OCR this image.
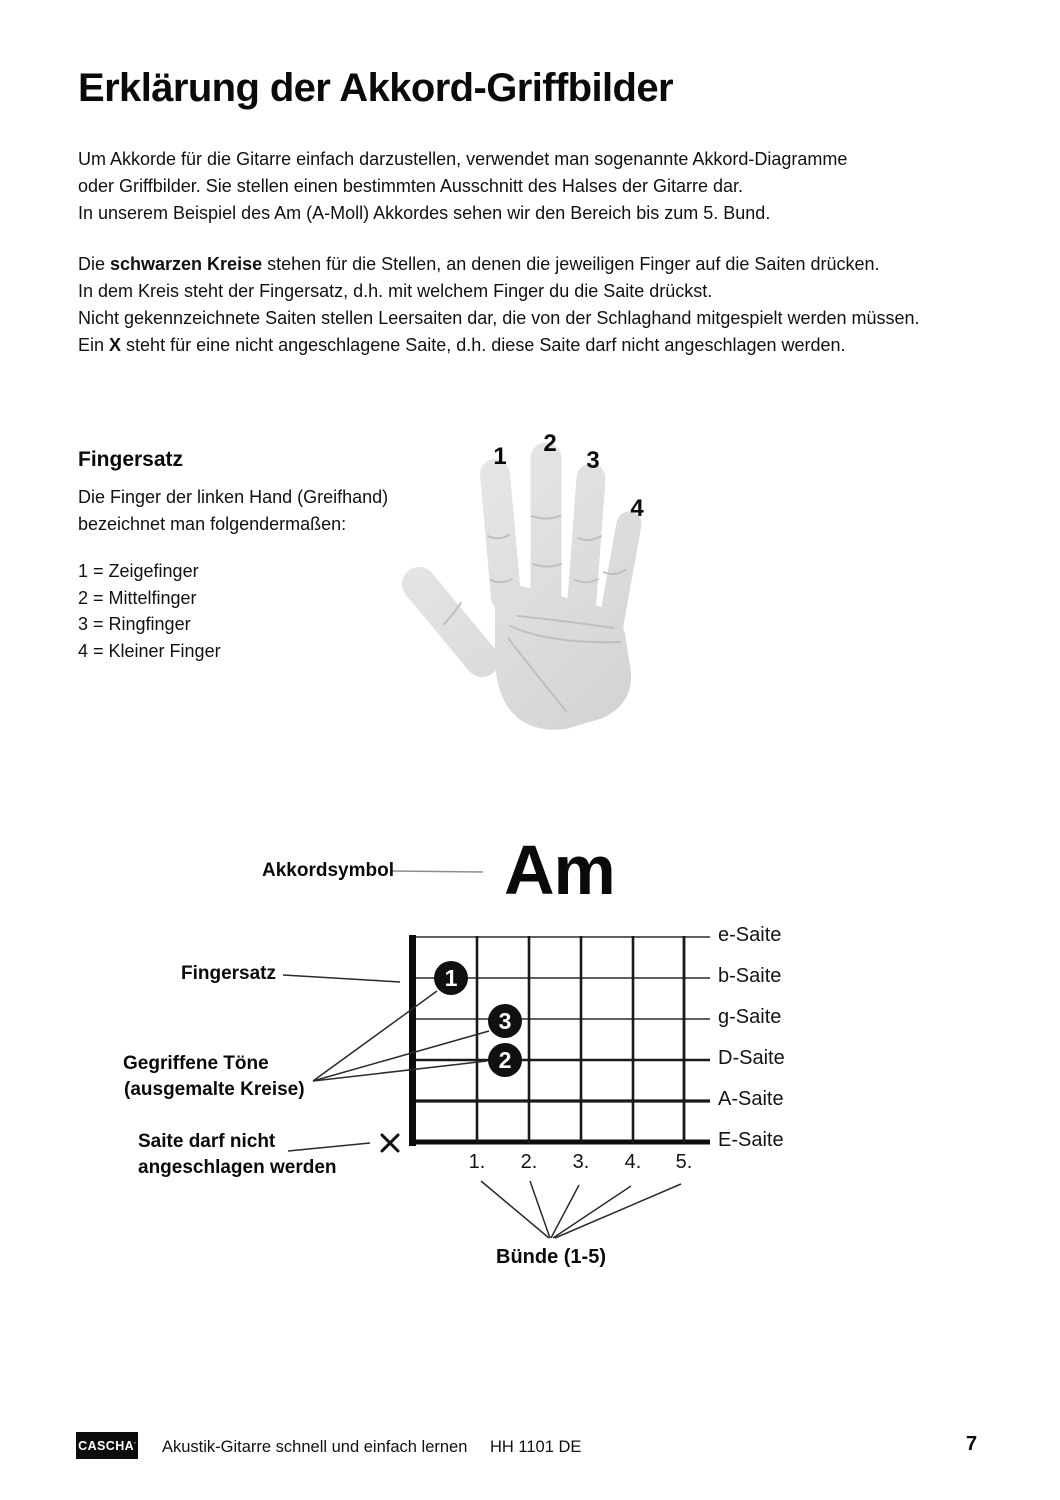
Erklärung der Akkord-Griffbilder
Um Akkorde für die Gitarre einfach darzustellen, verwendet man sogenannte Akkord-Diagramme
oder Griffbilder. Sie stellen einen bestimmten Ausschnitt des Halses der Gitarre dar.
In unserem Beispiel des Am (A-Moll) Akkordes sehen wir den Bereich bis zum 5. Bund.
Die schwarzen Kreise stehen für die Stellen, an denen die jeweiligen Finger auf die Saiten drücken.
In dem Kreis steht der Fingersatz, d.h. mit welchem Finger du die Saite drückst.
Nicht gekennzeichnete Saiten stellen Leersaiten dar, die von der Schlaghand mitgespielt werden müssen.
Ein X steht für eine nicht angeschlagene Saite, d.h. diese Saite darf nicht angeschlagen werden.
Fingersatz
Die Finger der linken Hand (Greifhand)
bezeichnet man folgendermaßen:
1 = Zeigefinger
2 = Mittelfinger
3 = Ringfinger
4 = Kleiner Finger
1 2
3
4
Akkordsymbol Am
Fingersatz
Gegriffene Töne
(ausgemalte Kreise)
Saite darf nicht
angeschlagen werden
e-Saite
b-Saite
g-Saite
D-Saite
A-Saite
E-Saite
1
3
2
1.	2.	3.	4.	5.
Bünde (1-5)
CASCHA ’ Akustik-Gitarre schnell und einfach lernen HH 1101 DE	7
